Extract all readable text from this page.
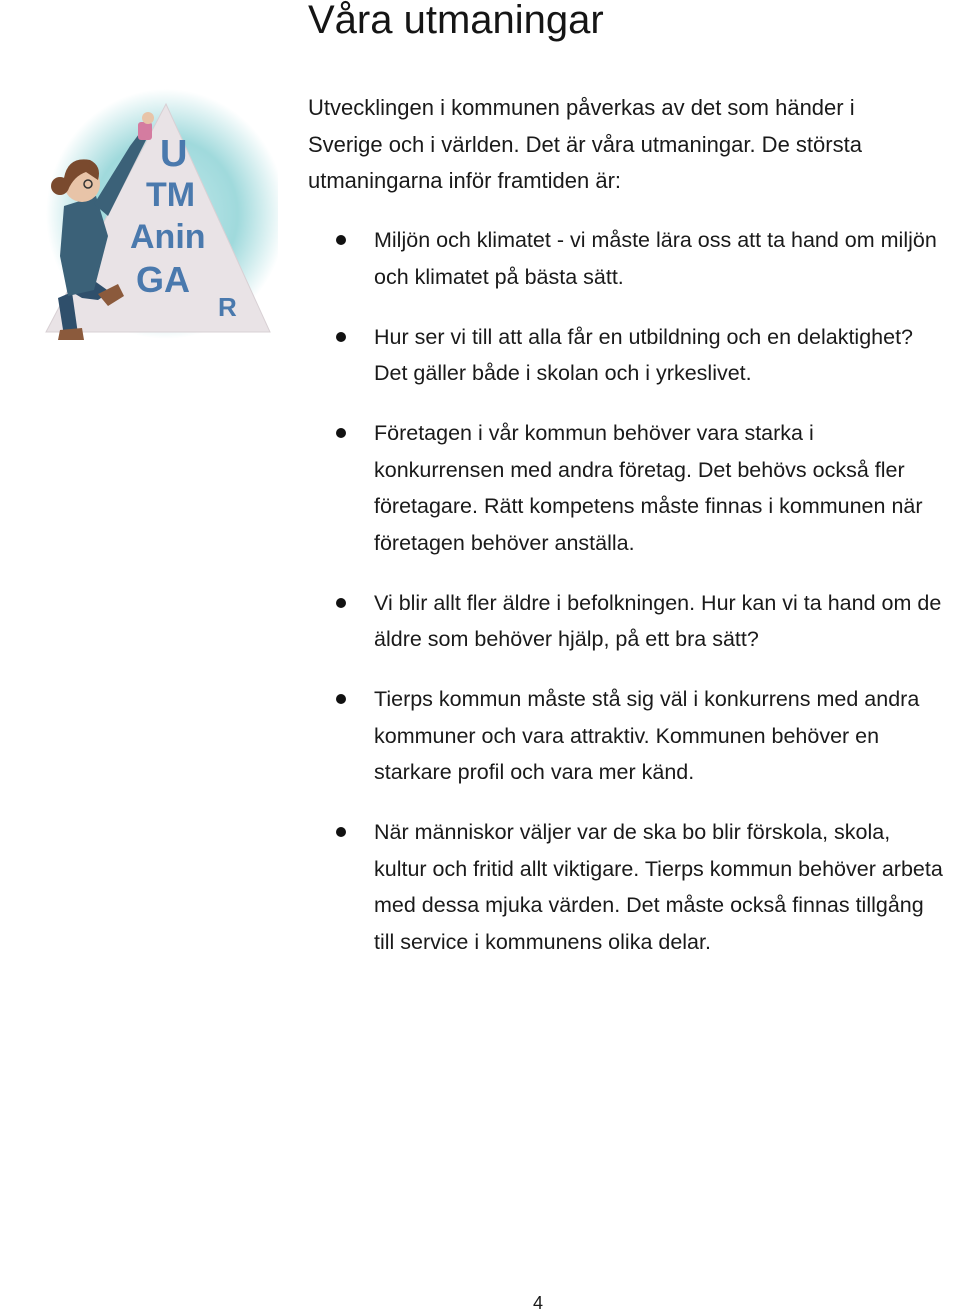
Våra utmaningar
U
TM
Anin
GA
R

Utvecklingen i kommunen påverkas av det som händer i Sverige och i världen. Det är våra utmaningar. De största utmaningarna inför framtiden är:

Miljön och klimatet - vi måste lära oss att ta hand om miljön och klimatet på bästa sätt.
Hur ser vi till att alla får en utbildning och en delaktighet? Det gäller både i skolan och i yrkeslivet.
Företagen i vår kommun behöver vara starka i konkurrensen med andra företag. Det behövs också fler företagare. Rätt kompetens måste finnas i kommunen när företagen behöver anställa.
Vi blir allt fler äldre i befolkningen. Hur kan vi ta hand om de äldre som behöver hjälp, på ett bra sätt?
Tierps kommun måste stå sig väl i konkurrens med andra kommuner och vara attraktiv. Kommunen behöver en starkare profil och vara mer känd.
När människor väljer var de ska bo blir förskola, skola, kultur och fritid allt viktigare. Tierps kommun behöver arbeta med dessa mjuka värden. Det måste också finnas tillgång till service i kommunens olika delar.
4
